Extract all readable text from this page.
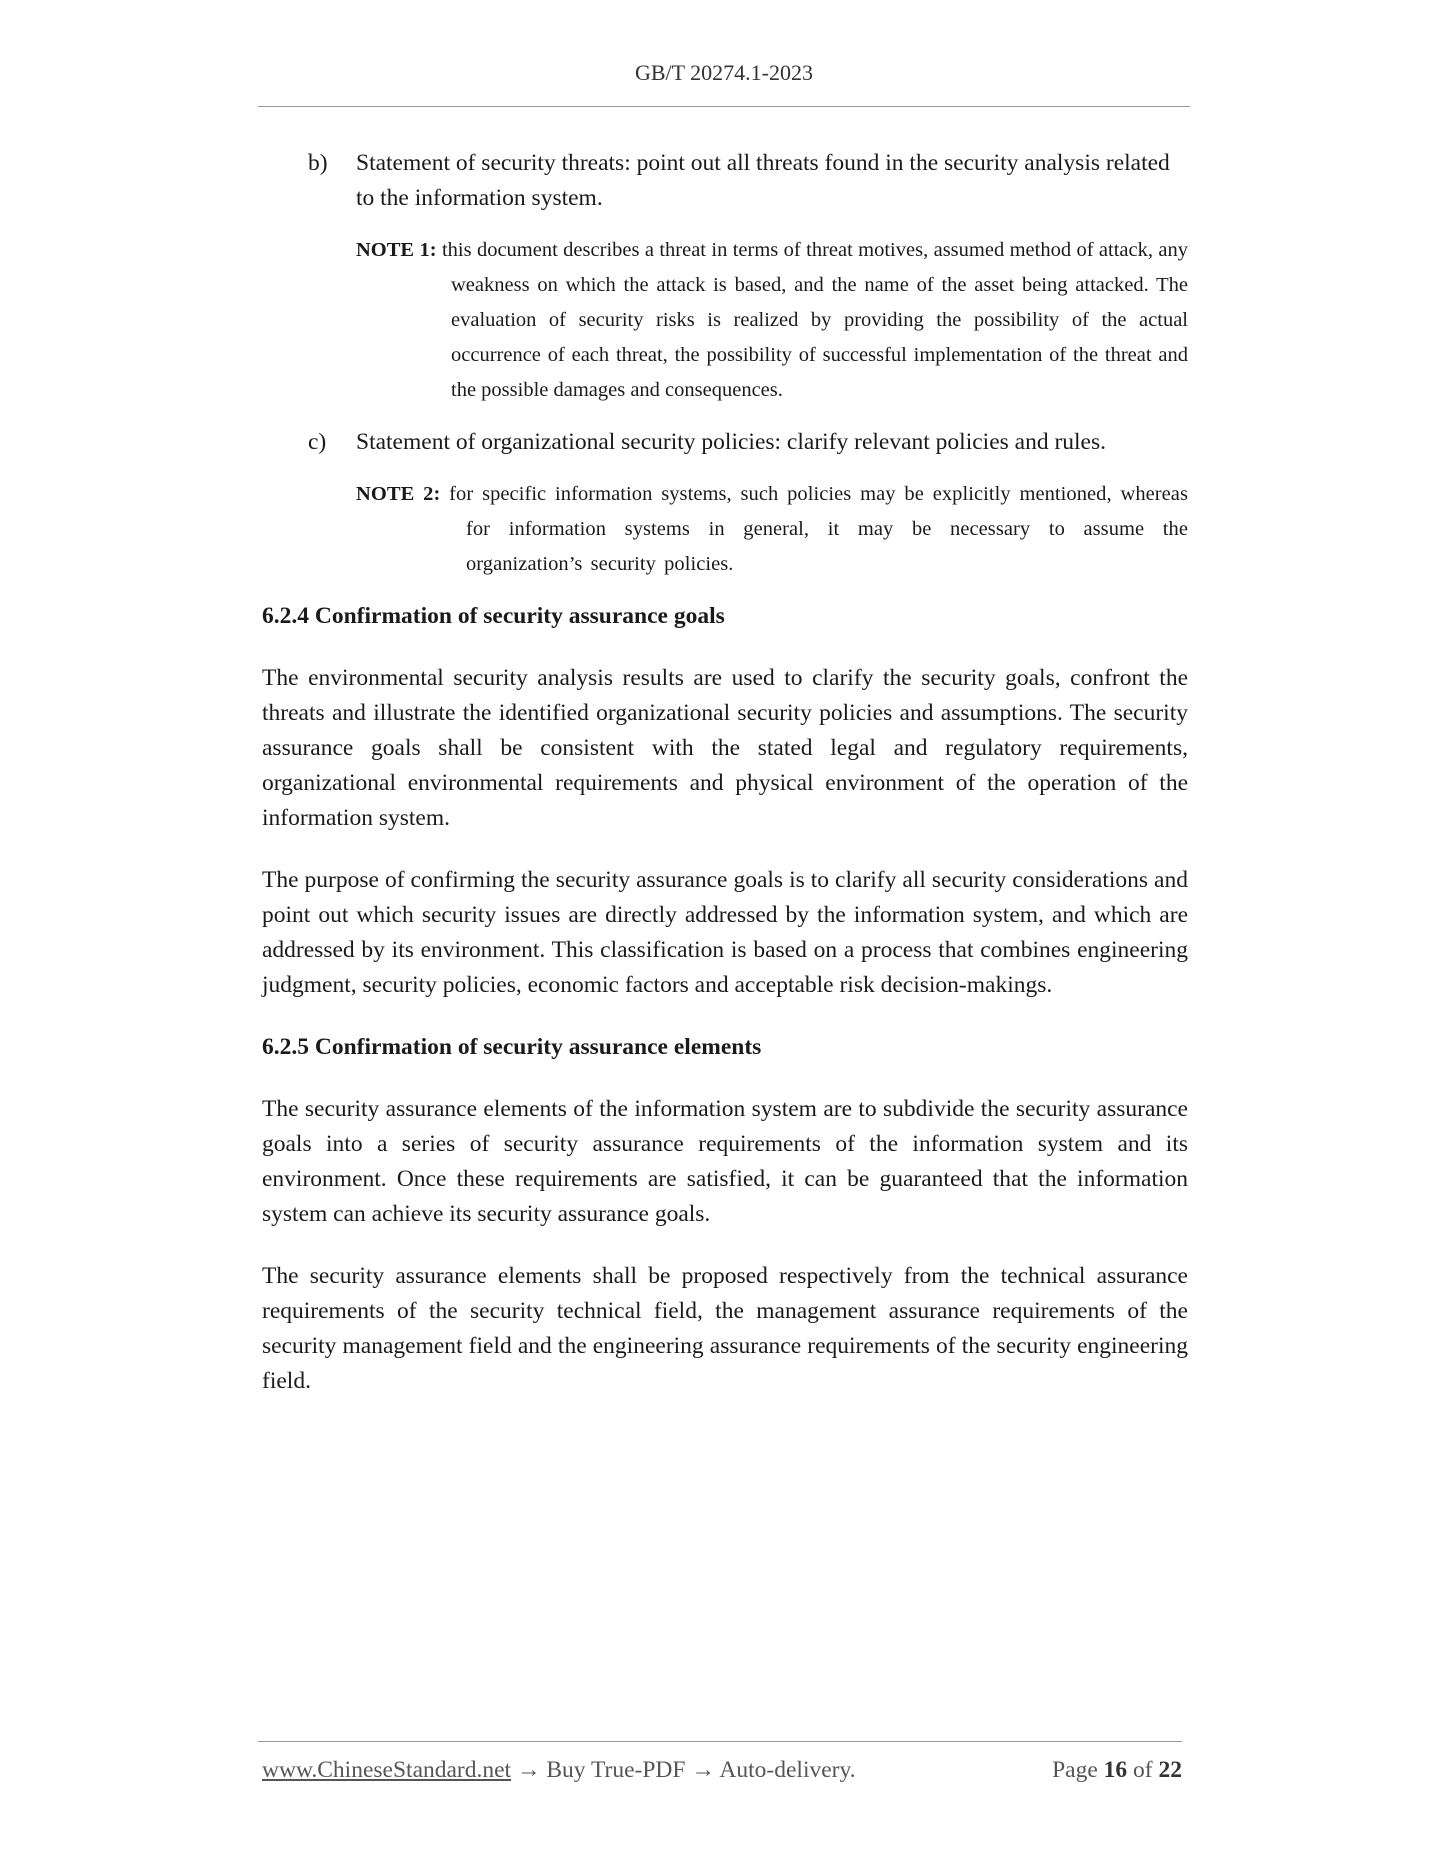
GB/T 20274.1-2023
b)	Statement of security threats: point out all threats found in the security analysis related to the information system.
NOTE 1: this document describes a threat in terms of threat motives, assumed method of attack, any weakness on which the attack is based, and the name of the asset being attacked. The evaluation of security risks is realized by providing the possibility of the actual occurrence of each threat, the possibility of successful implementation of the threat and the possible damages and consequences.
c)	Statement of organizational security policies: clarify relevant policies and rules.
NOTE 2: for specific information systems, such policies may be explicitly mentioned, whereas for information systems in general, it may be necessary to assume the organization’s security policies.
6.2.4 Confirmation of security assurance goals

The environmental security analysis results are used to clarify the security goals, confront the threats and illustrate the identified organizational security policies and assumptions. The security assurance goals shall be consistent with the stated legal and regulatory requirements, organizational environmental requirements and physical environment of the operation of the information system.

The purpose of confirming the security assurance goals is to clarify all security considerations and point out which security issues are directly addressed by the information system, and which are addressed by its environment. This classification is based on a process that combines engineering judgment, security policies, economic factors and acceptable risk decision-makings.

6.2.5 Confirmation of security assurance elements

The security assurance elements of the information system are to subdivide the security assurance goals into a series of security assurance requirements of the information system and its environment. Once these requirements are satisfied, it can be guaranteed that the information system can achieve its security assurance goals.

The security assurance elements shall be proposed respectively from the technical assurance requirements of the security technical field, the management assurance requirements of the security management field and the engineering assurance requirements of the security engineering field.

www.ChineseStandard.net → Buy True-PDF → Auto-delivery.	Page 16 of 22
